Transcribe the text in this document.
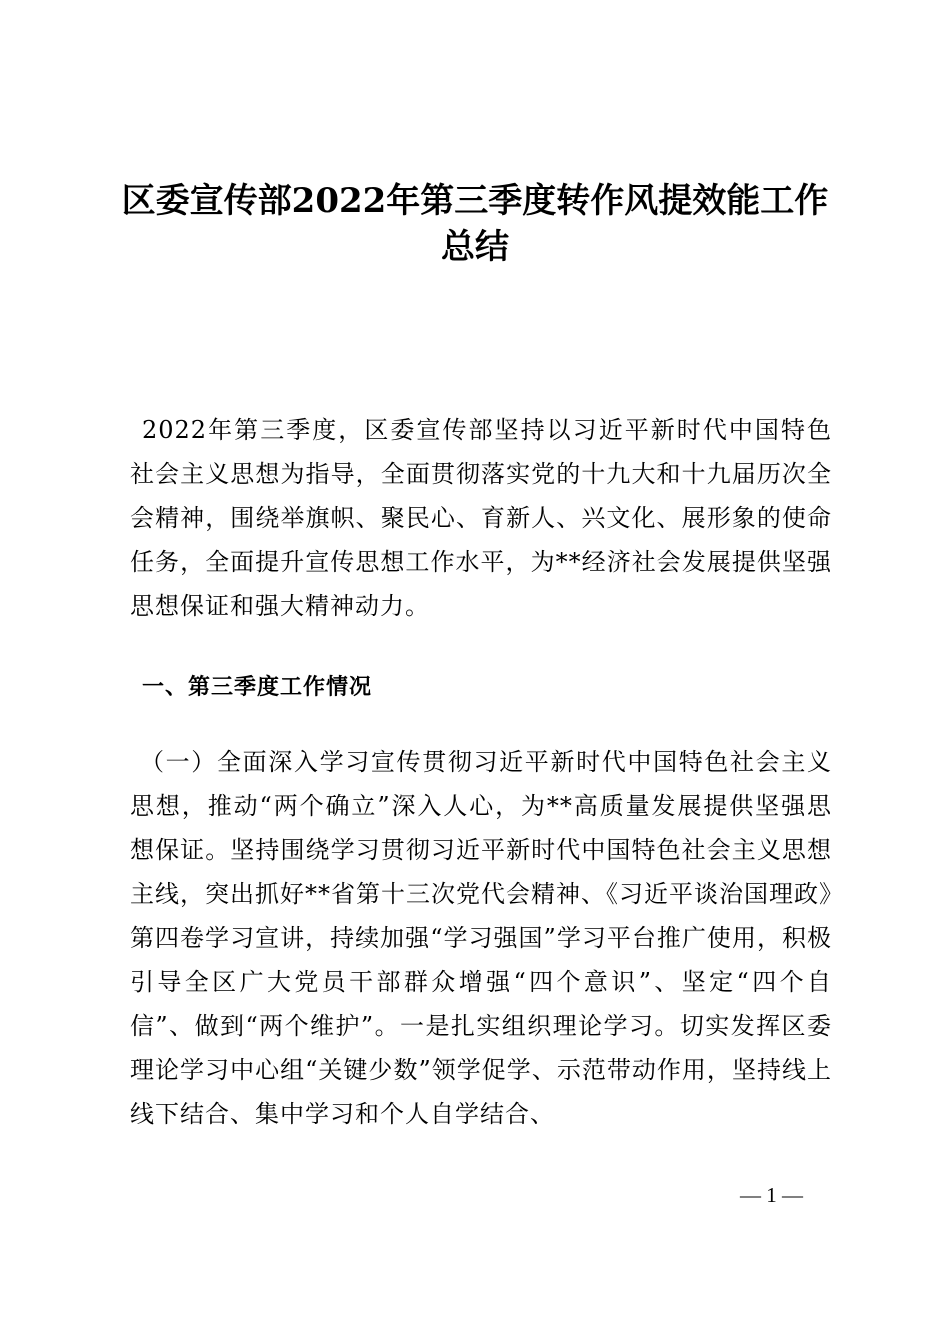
区委宣传部2022年第三季度转作风提效能工作总结

2022年第三季度，区委宣传部坚持以习近平新时代中国特色社会主义思想为指导，全面贯彻落实党的十九大和十九届历次全会精神，围绕举旗帜、聚民心、育新人、兴文化、展形象的使命任务，全面提升宣传思想工作水平，为**经济社会发展提供坚强思想保证和强大精神动力。

一、第三季度工作情况

（一）全面深入学习宣传贯彻习近平新时代中国特色社会主义思想，推动“两个确立”深入人心，为**高质量发展提供坚强思想保证。坚持围绕学习贯彻习近平新时代中国特色社会主义思想主线，突出抓好**省第十三次党代会精神、《习近平谈治国理政》第四卷学习宣讲，持续加强“学习强国”学习平台推广使用，积极引导全区广大党员干部群众增强“四个意识”、坚定“四个自信”、做到“两个维护”。一是扎实组织理论学习。切实发挥区委理论学习中心组“关键少数”领学促学、示范带动作用，坚持线上线下结合、集中学习和个人自学结合、

— 1 —
